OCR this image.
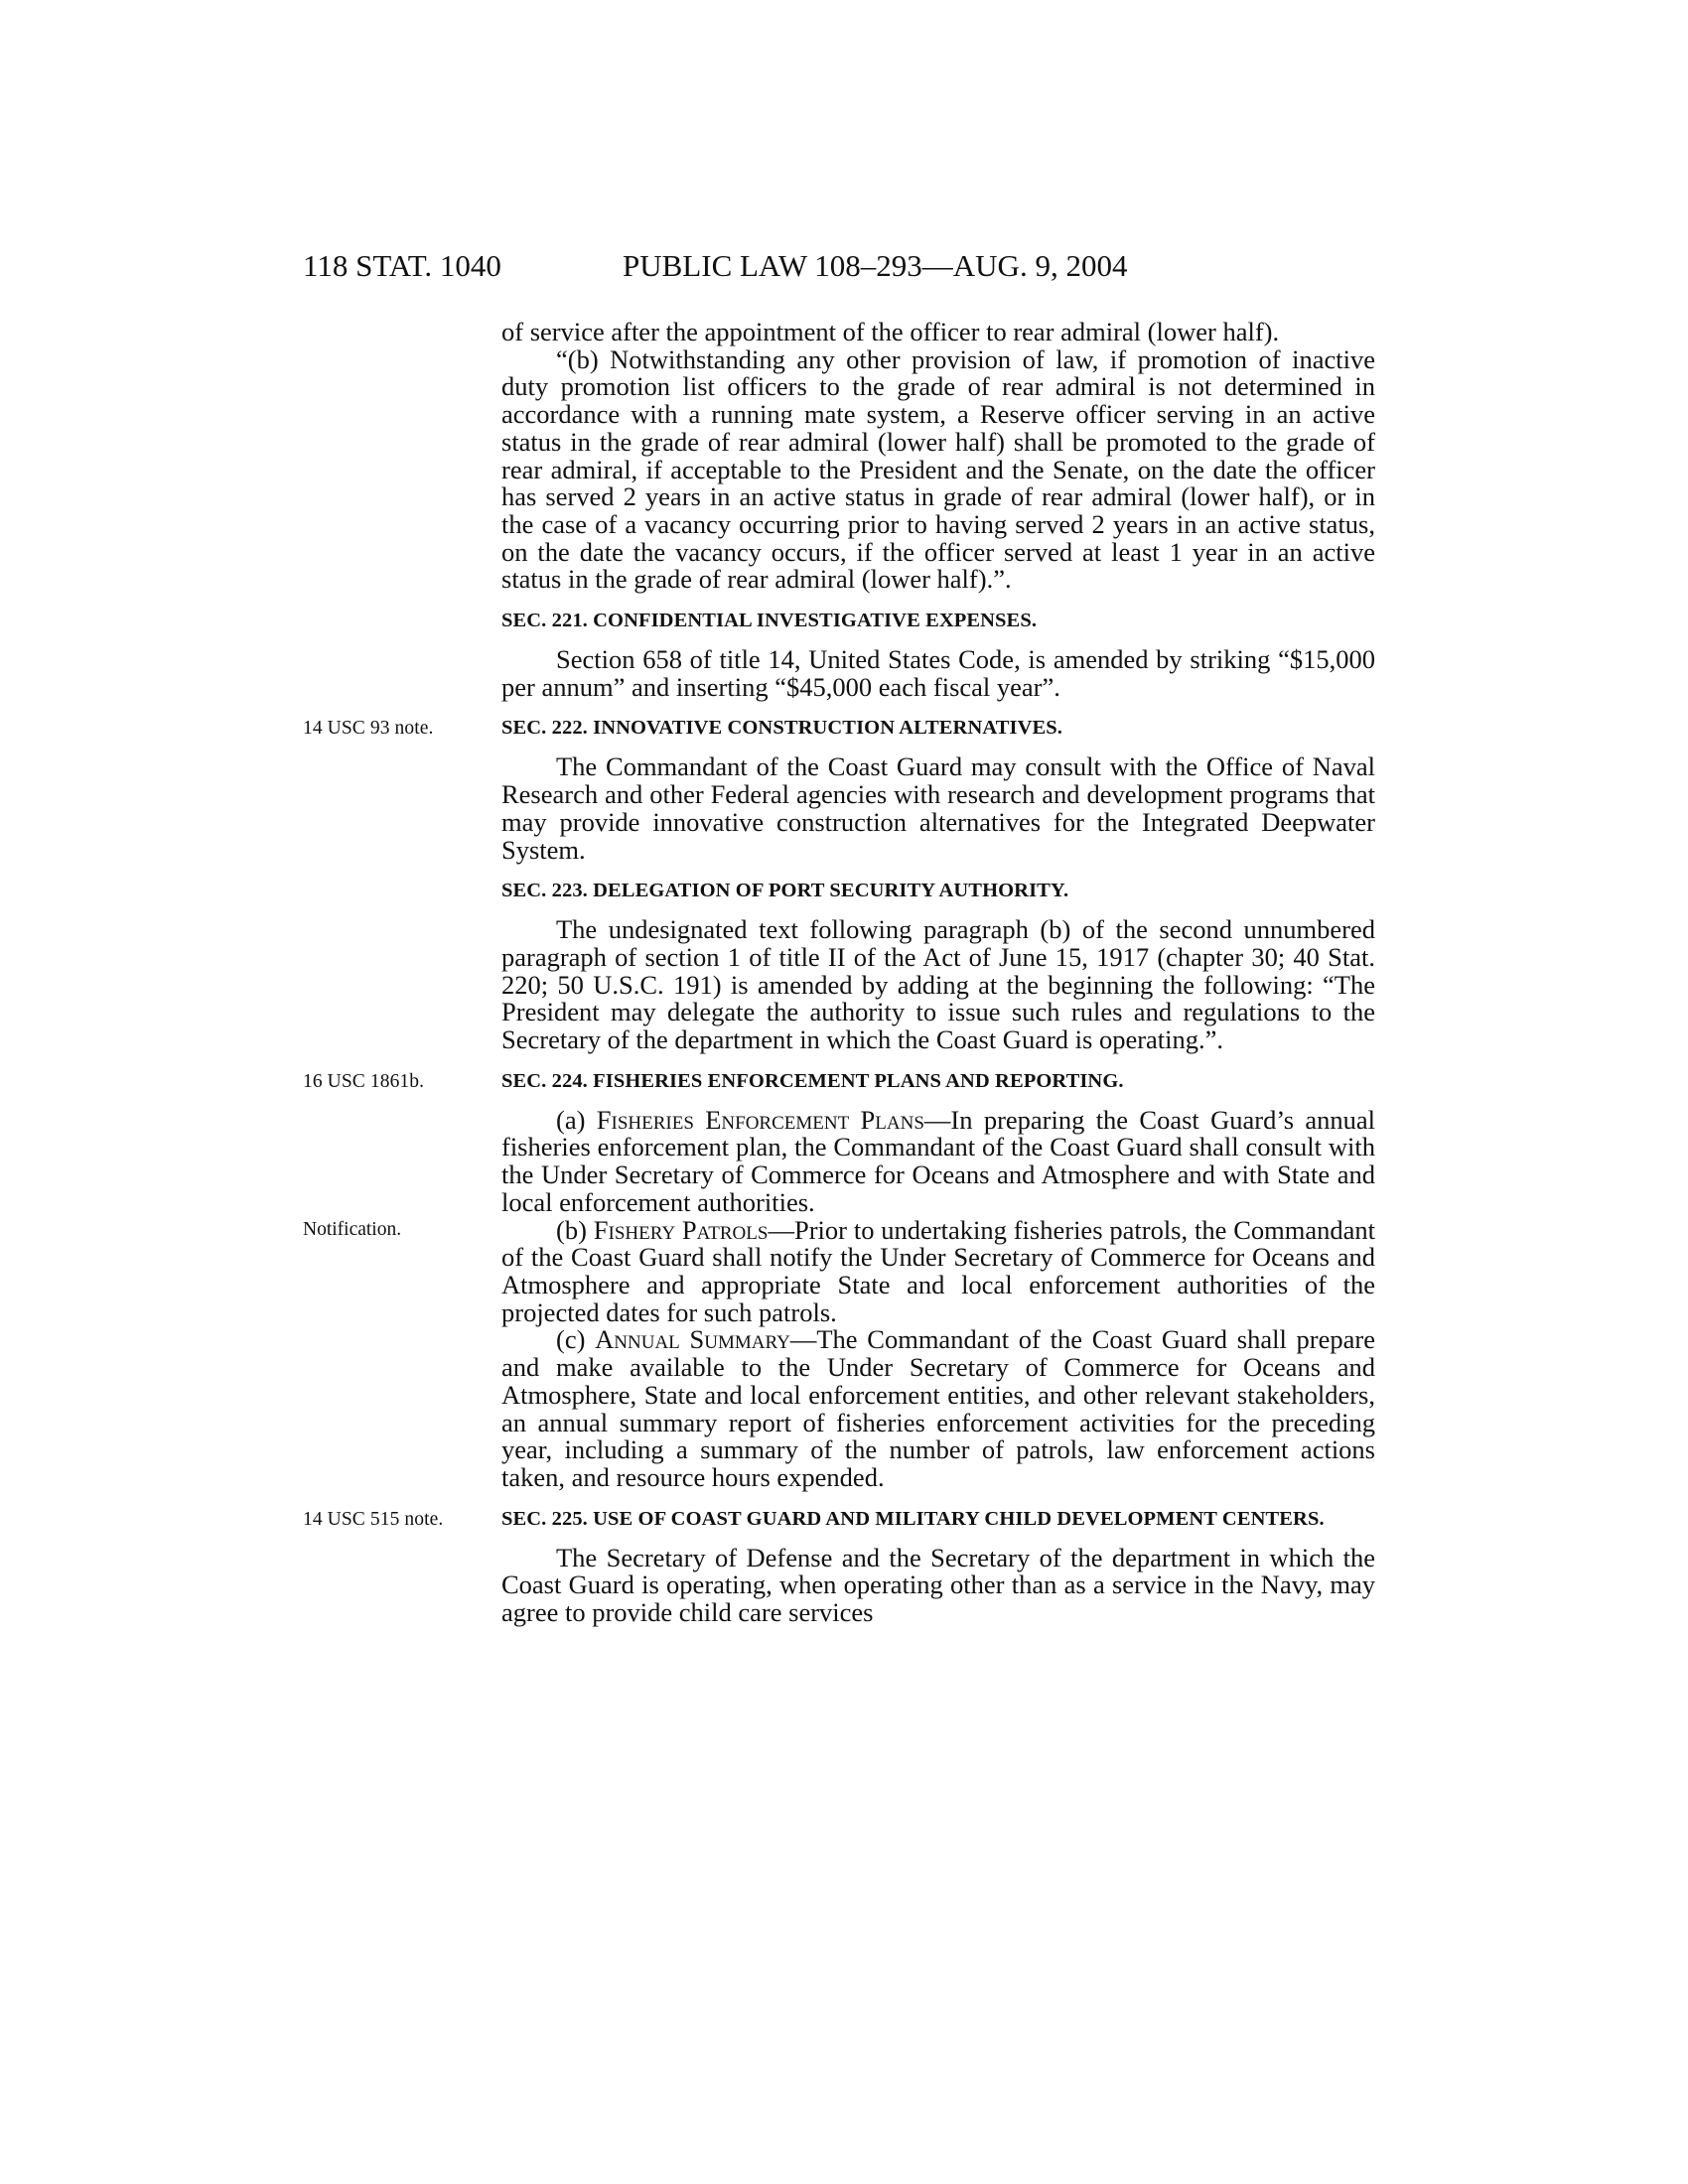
118 STAT. 1040	PUBLIC LAW 108–293—AUG. 9, 2004

of service after the appointment of the officer to rear admiral (lower half).

“(b) Notwithstanding any other provision of law, if promotion of inactive duty promotion list officers to the grade of rear admiral is not determined in accordance with a running mate system, a Reserve officer serving in an active status in the grade of rear admiral (lower half) shall be promoted to the grade of rear admiral, if acceptable to the President and the Senate, on the date the officer has served 2 years in an active status in grade of rear admiral (lower half), or in the case of a vacancy occurring prior to having served 2 years in an active status, on the date the vacancy occurs, if the officer served at least 1 year in an active status in the grade of rear admiral (lower half).”.

SEC. 221. CONFIDENTIAL INVESTIGATIVE EXPENSES.

Section 658 of title 14, United States Code, is amended by striking “$15,000 per annum” and inserting “$45,000 each fiscal year”.

14 USC 93 note.	SEC. 222. INNOVATIVE CONSTRUCTION ALTERNATIVES.

The Commandant of the Coast Guard may consult with the Office of Naval Research and other Federal agencies with research and development programs that may provide innovative construction alternatives for the Integrated Deepwater System.

SEC. 223. DELEGATION OF PORT SECURITY AUTHORITY.

The undesignated text following paragraph (b) of the second unnumbered paragraph of section 1 of title II of the Act of June 15, 1917 (chapter 30; 40 Stat. 220; 50 U.S.C. 191) is amended by adding at the beginning the following: “The President may delegate the authority to issue such rules and regulations to the Secretary of the department in which the Coast Guard is operating.”.

16 USC 1861b.	SEC. 224. FISHERIES ENFORCEMENT PLANS AND REPORTING.

(a) Fisheries Enforcement Plans—In preparing the Coast Guard’s annual fisheries enforcement plan, the Commandant of the Coast Guard shall consult with the Under Secretary of Commerce for Oceans and Atmosphere and with State and local enforcement authorities.

Notification.	(b) Fishery Patrols—Prior to undertaking fisheries patrols, the Commandant of the Coast Guard shall notify the Under Secretary of Commerce for Oceans and Atmosphere and appropriate State and local enforcement authorities of the projected dates for such patrols.

(c) Annual Summary—The Commandant of the Coast Guard shall prepare and make available to the Under Secretary of Commerce for Oceans and Atmosphere, State and local enforcement entities, and other relevant stakeholders, an annual summary report of fisheries enforcement activities for the preceding year, including a summary of the number of patrols, law enforcement actions taken, and resource hours expended.

14 USC 515 note.	SEC. 225. USE OF COAST GUARD AND MILITARY CHILD DEVELOPMENT CENTERS.

The Secretary of Defense and the Secretary of the department in which the Coast Guard is operating, when operating other than as a service in the Navy, may agree to provide child care services
